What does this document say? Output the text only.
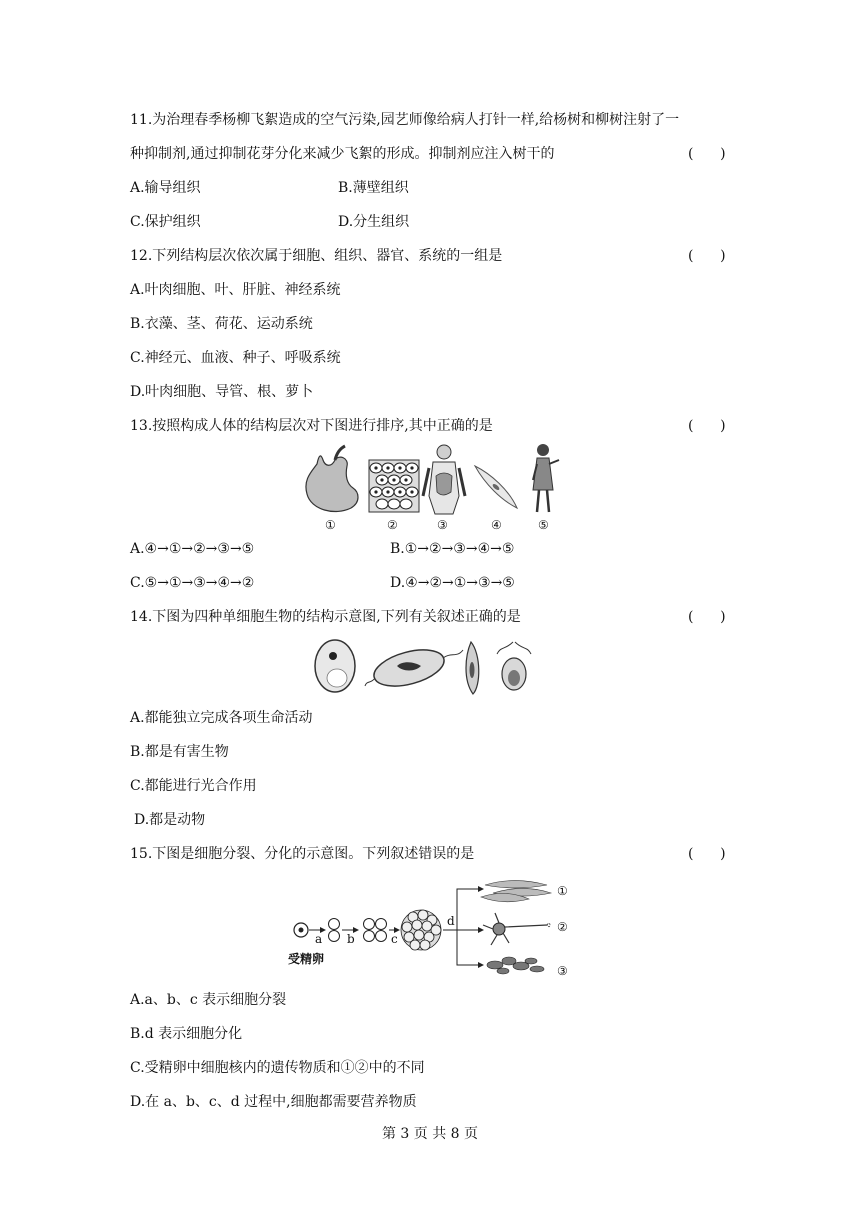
11.为治理春季杨柳飞絮造成的空气污染,园艺师像给病人打针一样,给杨树和柳树注射了一
种抑制剂,通过抑制花芽分化来减少飞絮的形成。抑制剂应注入树干的	(      )
A.输导组织	B.薄壁组织
C.保护组织	D.分生组织
12.下列结构层次依次属于细胞、组织、器官、系统的一组是	(      )
A.叶肉细胞、叶、肝脏、神经系统
B.衣藻、茎、荷花、运动系统
C.神经元、血液、种子、呼吸系统
D.叶肉细胞、导管、根、萝卜
13.按照构成人体的结构层次对下图进行排序,其中正确的是	(      )
①	②	③	④	⑤
A.④→①→②→③→⑤	B.①→②→③→④→⑤
C.⑤→①→③→④→②	D.④→②→①→③→⑤
14.下图为四种单细胞生物的结构示意图,下列有关叙述正确的是	(      )
A.都能独立完成各项生命活动
B.都是有害生物
C.都能进行光合作用
D.都是动物
15.下图是细胞分裂、分化的示意图。下列叙述错误的是	(      )
a b	c
d
①
②
③
受精卵
A.a、b、c 表示细胞分裂
B.d 表示细胞分化
C.受精卵中细胞核内的遗传物质和①②中的不同
D.在 a、b、c、d 过程中,细胞都需要营养物质
第 3 页 共 8 页
